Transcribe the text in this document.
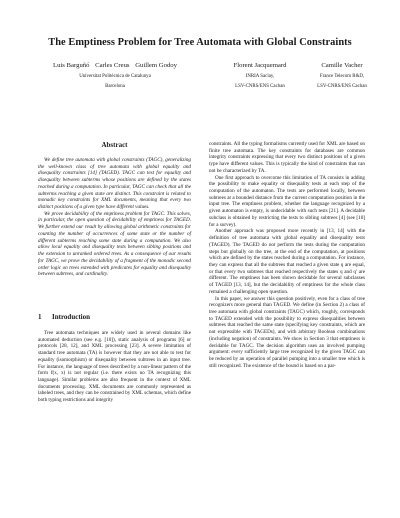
The Emptiness Problem for Tree Automata with Global Constraints
Luis Barguñó Carles Creus Guillem Godoy
Universitat Politècnica de Catalunya
Barcelona
Florent Jacquemard
INRIA Saclay,
LSV-CNRS/ENS Cachan
Camille Vacher
France Telecom R&D,
LSV-CNRS/ENS Cachan
Abstract

We define tree automata with global constraints (TAGC), generalizing the well-known class of tree automata with global equality and disequality constraints [14] (TAGED). TAGC can test for equality and disequality between subterms whose positions are defined by the states reached during a computation. In particular, TAGC can check that all the subterms reaching a given state are distinct. This constraint is related to monadic key constraints for XML documents, meaning that every two distinct positions of a given type have different values.

We prove decidability of the emptiness problem for TAGC. This solves, in particular, the open question of decidability of emptiness for TAGED. We further extend our result by allowing global arithmetic constraints for counting the number of occurrences of some state or the number of different subterms reaching some state during a computation. We also allow local equality and disequality tests between sibling positions and the extension to unranked ordered trees. As a consequence of our results for TAGC, we prove the decidability of a fragment of the monadic second order logic on trees extended with predicates for equality and disequality between subtrees, and cardinality.

1 Introduction

Tree automata techniques are widely used in several domains like automated deduction (see e.g. [10]), static analysis of programs [6] or protocols [28, 12], and XML processing [23]. A severe limitation of standard tree automata (TA) is however that they are not able to test for equality (isomorphism) or disequality between subtrees in an input tree. For instance, the language of trees described by a non-linear pattern of the form f(x, x) is not regular (i.e. there exists no TA recognizing this language). Similar problems are also frequent in the context of XML documents processing. XML documents are commonly represented as labeled trees, and they can be constrained by XML schemas, which define both typing restrictions and integrity

constraints. All the typing formalisms currently used for XML are based on finite tree automata. The key constraints for databases are common integrity constraints expressing that every two distinct positions of a given type have different values. This is typically the kind of constraints that can not be characterized by TA.

One first approach to overcome this limitation of TA consists in adding the possibility to make equality or disequality tests at each step of the computation of the automaton. The tests are performed locally, between subtrees at a bounded distance from the current computation position in the input tree. The emptiness problem, whether the language recognized by a given automaton is empty, is undecidable with such tests [21]. A decidable subclass is obtained by restricting the tests to sibling subtrees [4] (see [10] for a survey).

Another approach was proposed more recently in [13, 14] with the definition of tree automata with global equality and disequality tests (TAGED). The TAGED do not perform the tests during the computation steps but globally on the tree, at the end of the computation, at positions which are defined by the states reached during a computation. For instance, they can express that all the subtrees that reached a given state q are equal, or that every two subtrees that reached respectively the states q and q′ are different. The emptiness has been shown decidable for several subclasses of TAGED [13, 14], but the decidability of emptiness for the whole class remained a challenging open question.

In this paper, we answer this question positively, even for a class of tree recognizers more general than TAGED. We define (in Section 2) a class of tree automata with global constraints (TAGC) which, roughly, corresponds to TAGED extended with the possibility to express disequalities between subtrees that reached the same state (specifying key constraints, which are not expressible with TAGEDs), and with arbitrary Boolean combinations (including negation) of constraints. We show in Section 3 that emptiness is decidable for TAGC. The decision algorithm uses an involved pumping argument: every sufficiently large tree recognized by the given TAGC can be reduced by an operation of parallel pumping into a smaller tree which is still recognized. The existence of the bound is based on a par-
